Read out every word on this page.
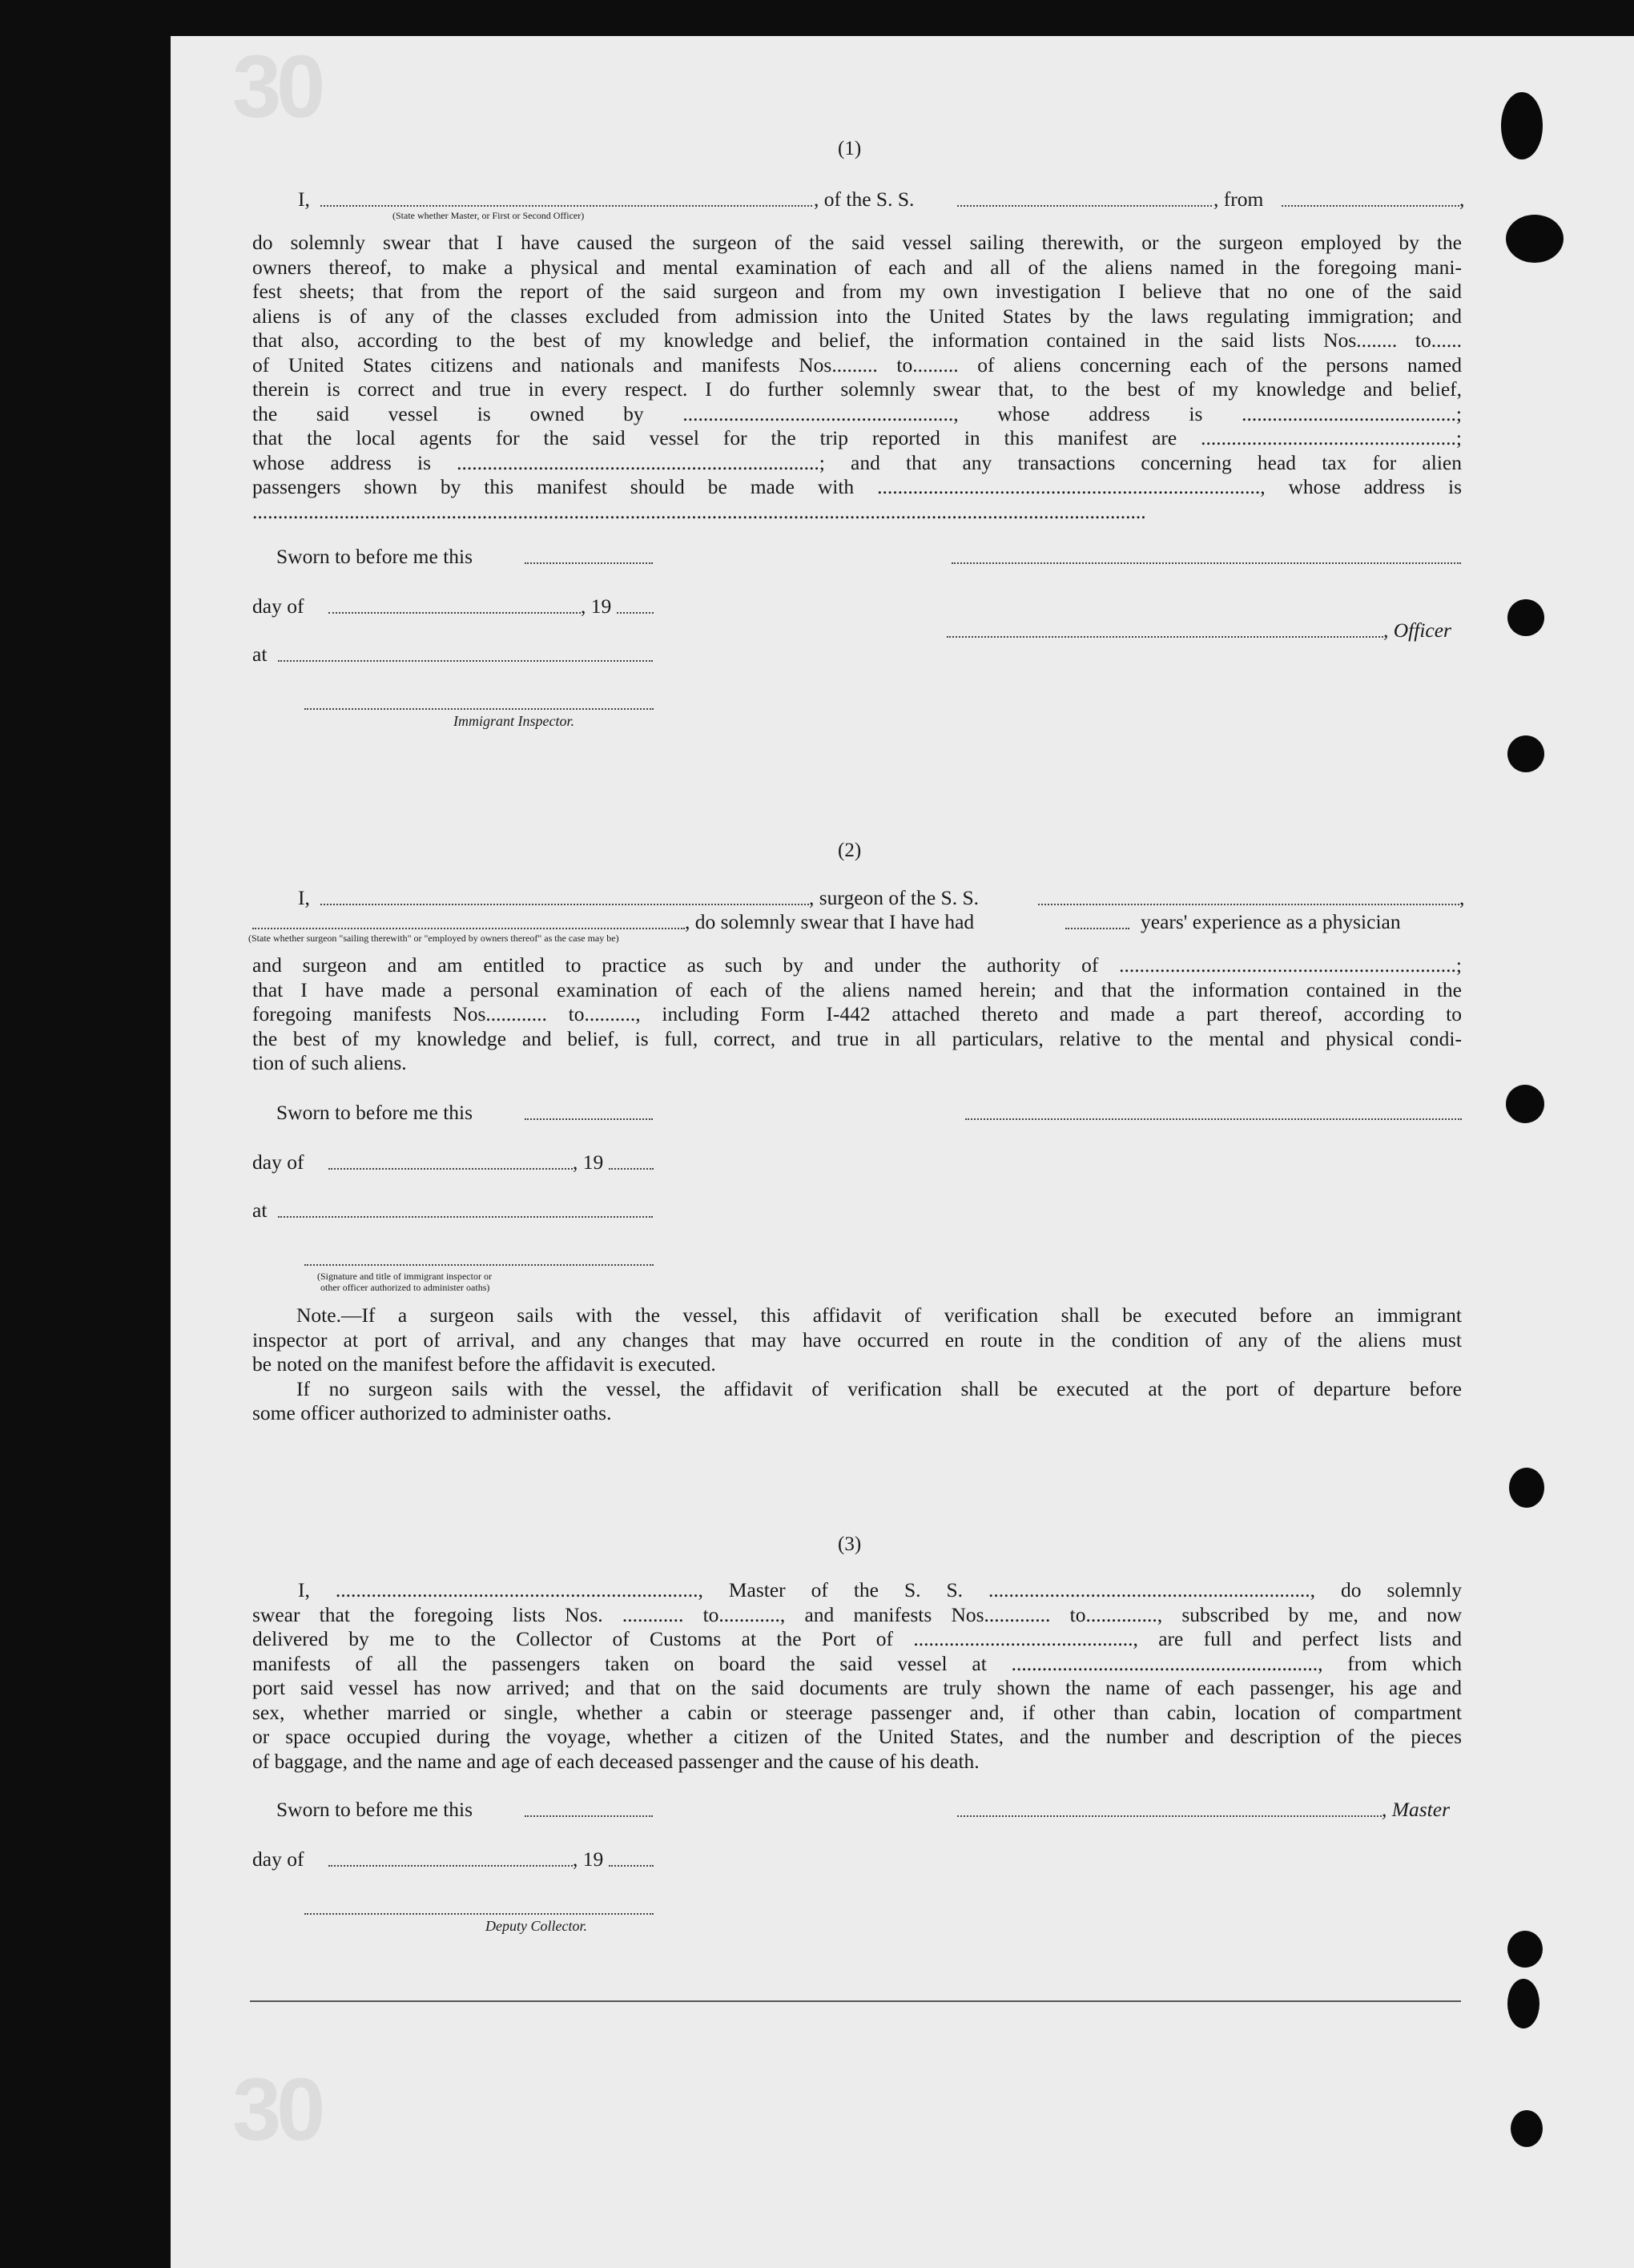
30
30
(1)
I,	, of the S. S.	, from	,
(State whether Master, or First or Second Officer)
do solemnly swear that I have caused the surgeon of the said vessel sailing therewith, or the surgeon employed by the
owners thereof, to make a physical and mental examination of each and all of the aliens named in the foregoing mani-
fest sheets; that from the report of the said surgeon and from my own investigation I believe that no one of the said
aliens is of any of the classes excluded from admission into the United States by the laws regulating immigration; and
that also, according to the best of my knowledge and belief, the information contained in the said lists Nos........ to......
of United States citizens and nationals and manifests Nos......... to......... of aliens concerning each of the persons named
therein is correct and true in every respect. I do further solemnly swear that, to the best of my knowledge and belief,
the said vessel is owned by ....................................................., whose address is ..........................................;
that the local agents for the said vessel for the trip reported in this manifest are ..................................................;
whose address is .......................................................................; and that any transactions concerning head tax for alien
passengers shown by this manifest should be made with ..........................................................................., whose address is
...............................................................................................................................................................................
Sworn to before me this
day of	, 19
, Officer
at
Immigrant Inspector.
(2)
I,	, surgeon of the S. S.	,
, do solemnly swear that I have had	years' experience as a physician
(State whether surgeon "sailing therewith" or "employed by owners thereof" as the case may be)
and surgeon and am entitled to practice as such by and under the authority of ..................................................................;
that I have made a personal examination of each of the aliens named herein; and that the information contained in the
foregoing manifests Nos............ to.........., including Form I-442 attached thereto and made a part thereof, according to
the best of my knowledge and belief, is full, correct, and true in all particulars, relative to the mental and physical condi-
tion of such aliens.
Sworn to before me this
day of	, 19
at
(Signature and title of immigrant inspector or
other officer authorized to administer oaths)
Note.—If a surgeon sails with the vessel, this affidavit of verification shall be executed before an immigrant
inspector at port of arrival, and any changes that may have occurred en route in the condition of any of the aliens must
be noted on the manifest before the affidavit is executed.
If no surgeon sails with the vessel, the affidavit of verification shall be executed at the port of departure before
some officer authorized to administer oaths.
(3)
I, ......................................................................., Master of the S. S. ..............................................................., do solemnly
swear that the foregoing lists Nos. ............ to............, and manifests Nos............. to.............., subscribed by me, and now
delivered by me to the Collector of Customs at the Port of ..........................................., are full and perfect lists and
manifests of all the passengers taken on board the said vessel at ............................................................, from which
port said vessel has now arrived; and that on the said documents are truly shown the name of each passenger, his age and
sex, whether married or single, whether a cabin or steerage passenger and, if other than cabin, location of compartment
or space occupied during the voyage, whether a citizen of the United States, and the number and description of the pieces
of baggage, and the name and age of each deceased passenger and the cause of his death.
Sworn to before me this	, Master
day of	, 19
Deputy Collector.
